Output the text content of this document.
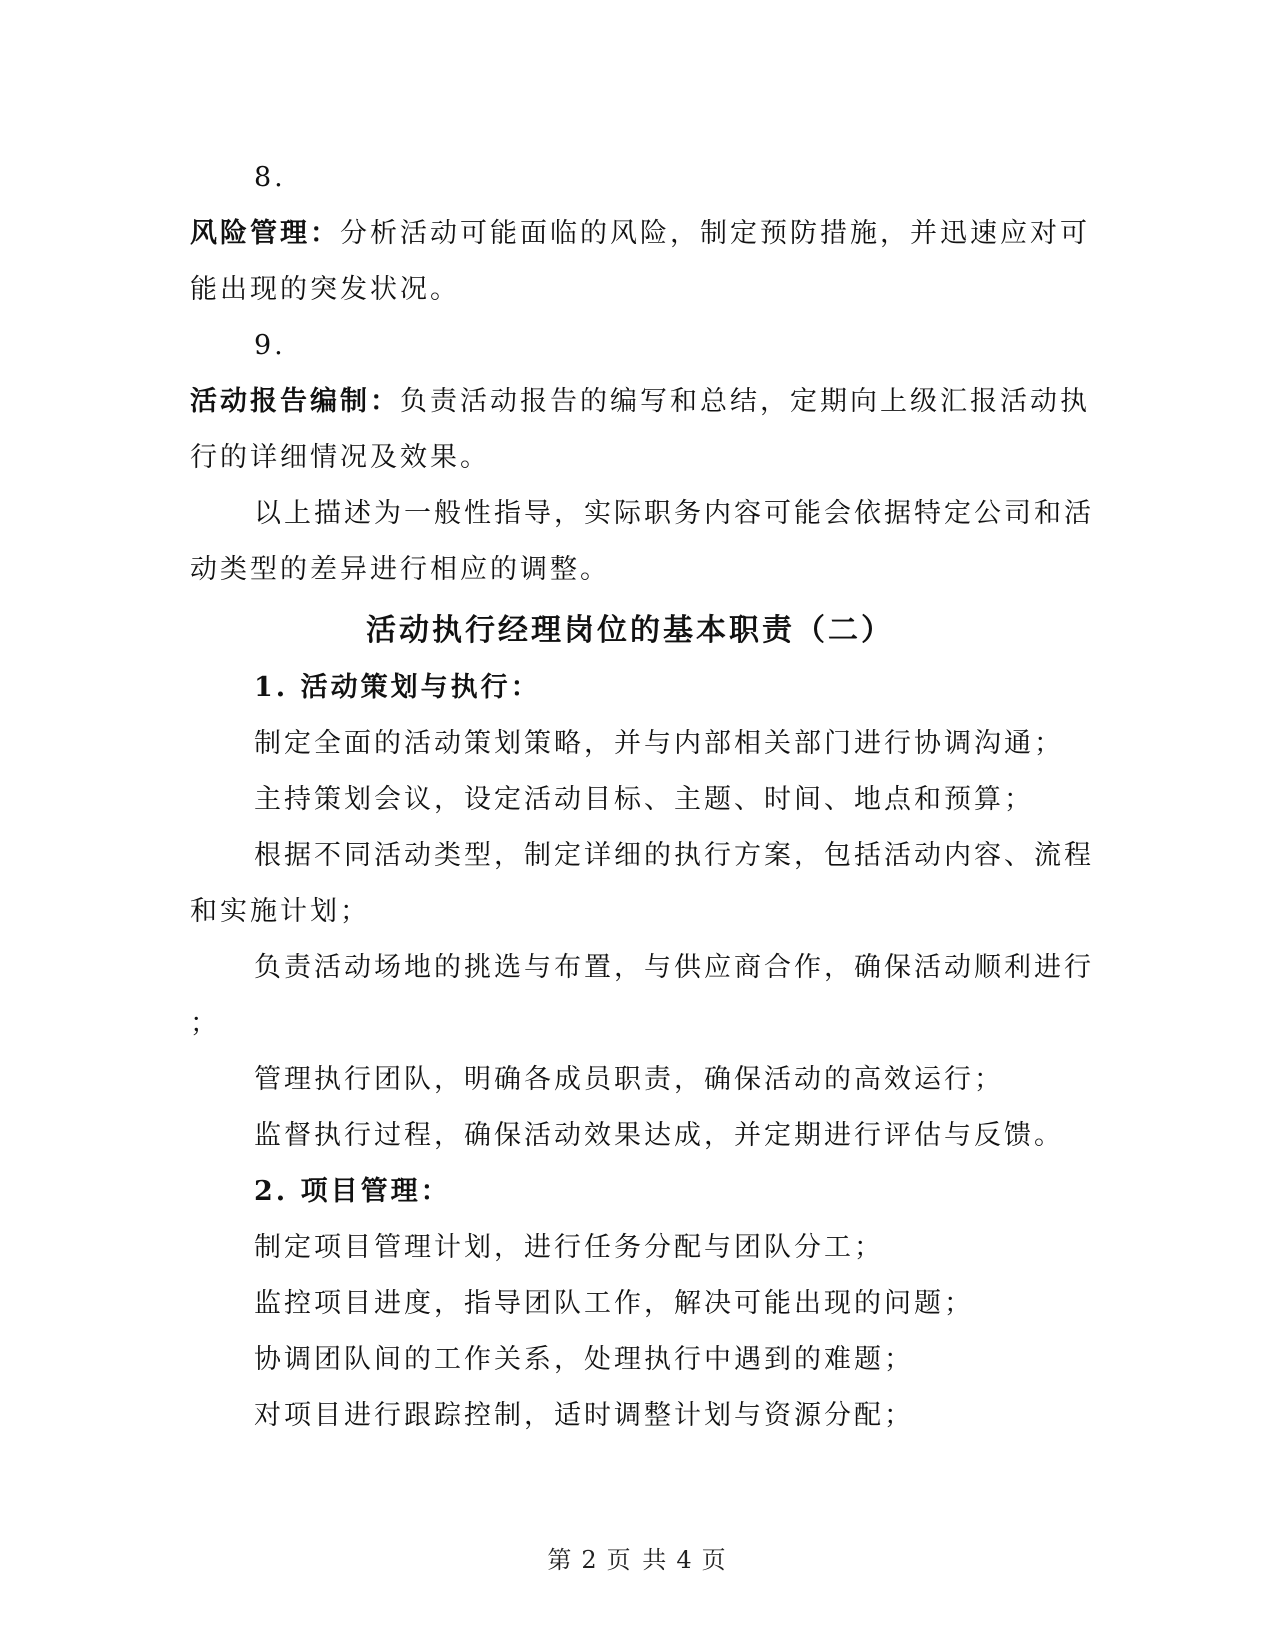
8.
风险管理：分析活动可能面临的风险，制定预防措施，并迅速应对可
能出现的突发状况。
9.
活动报告编制：负责活动报告的编写和总结，定期向上级汇报活动执
行的详细情况及效果。
以上描述为一般性指导，实际职务内容可能会依据特定公司和活
动类型的差异进行相应的调整。
活动执行经理岗位的基本职责（二）
1. 活动策划与执行：
制定全面的活动策划策略，并与内部相关部门进行协调沟通；
主持策划会议，设定活动目标、主题、时间、地点和预算；
根据不同活动类型，制定详细的执行方案，包括活动内容、流程
和实施计划；
负责活动场地的挑选与布置，与供应商合作，确保活动顺利进行
；
管理执行团队，明确各成员职责，确保活动的高效运行；
监督执行过程，确保活动效果达成，并定期进行评估与反馈。
2. 项目管理：
制定项目管理计划，进行任务分配与团队分工；
监控项目进度，指导团队工作，解决可能出现的问题；
协调团队间的工作关系，处理执行中遇到的难题；
对项目进行跟踪控制，适时调整计划与资源分配；
第 2 页 共 4 页
